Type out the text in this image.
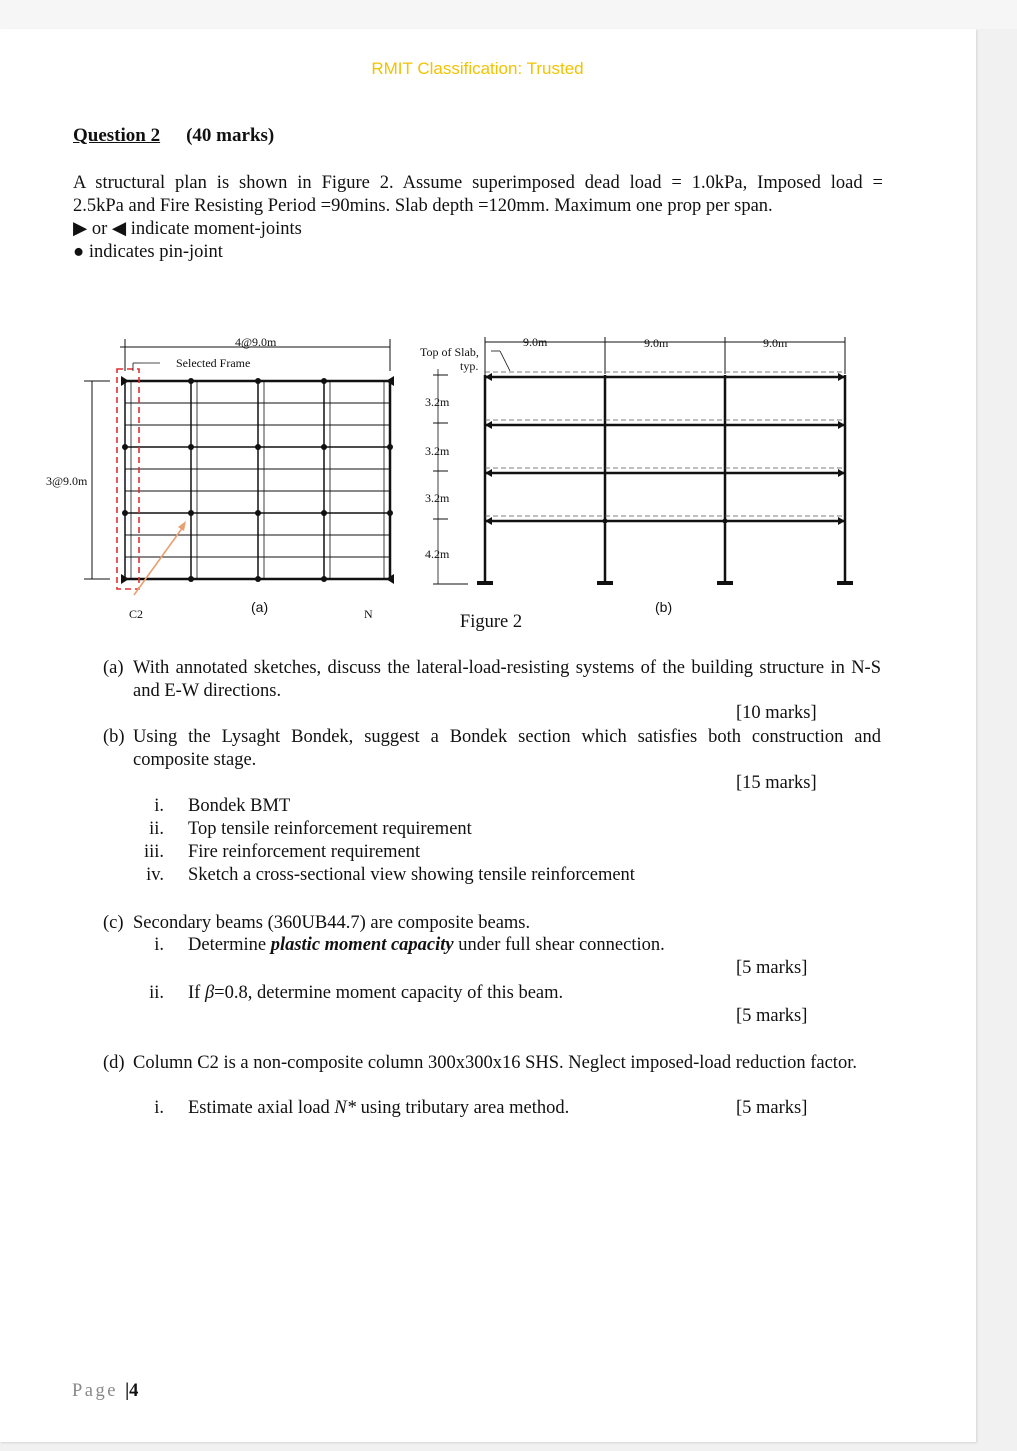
RMIT Classification: Trusted
Question 2 (40 marks)
A structural plan is shown in Figure 2. Assume superimposed dead load = 1.0kPa, Imposed load =
2.5kPa and Fire Resisting Period =90mins. Slab depth =120mm. Maximum one prop per span.
▶ or ◀ indicate moment-joints
● indicates pin-joint
4@9.0m
3@9.0m
Selected Frame
C2	(a)	N
9.0m	9.0m	9.0m
Top of Slab,
typ.
3.2m
3.2m
3.2m
4.2m
(b)
Figure 2
(a) With annotated sketches, discuss the lateral-load-resisting systems of the building structure in N-S and E-W directions.
[10 marks]
(b) Using the Lysaght Bondek, suggest a Bondek section which satisfies both construction and composite stage.
[15 marks]
i. Bondek BMT
ii. Top tensile reinforcement requirement
iii. Fire reinforcement requirement
iv. Sketch a cross-sectional view showing tensile reinforcement
(c) Secondary beams (360UB44.7) are composite beams.
i. Determine plastic moment capacity under full shear connection.
[5 marks]
ii. If β=0.8, determine moment capacity of this beam.
[5 marks]
(d) Column C2 is a non-composite column 300x300x16 SHS. Neglect imposed-load reduction factor.
i. Estimate axial load N* using tributary area method.	[5 marks]
Page |4
